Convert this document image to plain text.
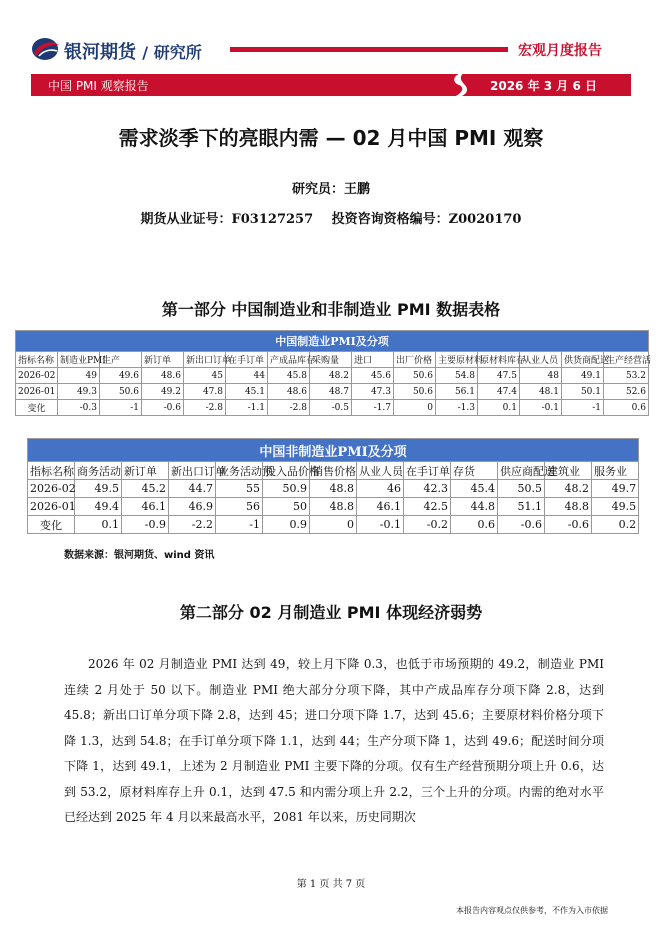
银河期货 / 研究所	宏观月度报告
中国 PMI 观察报告	2026 年 3 月 6 日
需求淡季下的亮眼内需 — 02 月中国 PMI 观察
研究员：王鹏
期货从业证号：F03127257 投资咨询资格编号：Z0020170
第一部分 中国制造业和非制造业 PMI 数据表格
中国制造业PMI及分项														
指标名称	制造业PMI	生产	新订单	新出口订单	在手订单	产成品库存	采购量	进口	出厂价格	主要原材料	原材料库存	从业人员	供货商配送	生产经营活
2026-02	49	49.6	48.6	45	44	45.8	48.2	45.6	50.6	54.8	47.5	48	49.1	53.2
2026-01	49.3	50.6	49.2	47.8	45.1	48.6	48.7	47.3	50.6	56.1	47.4	48.1	50.1	52.6
变化	-0.3	-1	-0.6	-2.8	-1.1	-2.8	-0.5	-1.7	0	-1.3	0.1	-0.1	-1	0.6
中国非制造业PMI及分项												
指标名称	商务活动	新订单	新出口订单	业务活动预	投入品价格	销售价格	从业人员	在手订单	存货	供应商配送	建筑业	服务业
2026-02	49.5	45.2	44.7	55	50.9	48.8	46	42.3	45.4	50.5	48.2	49.7
2026-01	49.4	46.1	46.9	56	50	48.8	46.1	42.5	44.8	51.1	48.8	49.5
变化	0.1	-0.9	-2.2	-1	0.9	0	-0.1	-0.2	0.6	-0.6	-0.6	0.2
数据来源：银河期货、wind 资讯
第二部分 02 月制造业 PMI 体现经济弱势

2026 年 02 月制造业 PMI 达到 49，较上月下降 0.3，也低于市场预期的 49.2，制造业 PMI 连续 2 月处于 50 以下。制造业 PMI 绝大部分分项下降，其中产成品库存分项下降 2.8，达到 45.8；新出口订单分项下降 2.8，达到 45；进口分项下降 1.7，达到 45.6；主要原材料价格分项下降 1.3，达到 54.8；在手订单分项下降 1.1，达到 44；生产分项下降 1，达到 49.6；配送时间分项下降 1，达到 49.1，上述为 2 月制造业 PMI 主要下降的分项。仅有生产经营预期分项上升 0.6，达到 53.2，原材料库存上升 0.1，达到 47.5 和内需分项上升 2.2，三个上升的分项。内需的绝对水平已经达到 2025 年 4 月以来最高水平，2081 年以来，历史同期次

第 1 页 共 7 页
本报告内容观点仅供参考，不作为入市依据
